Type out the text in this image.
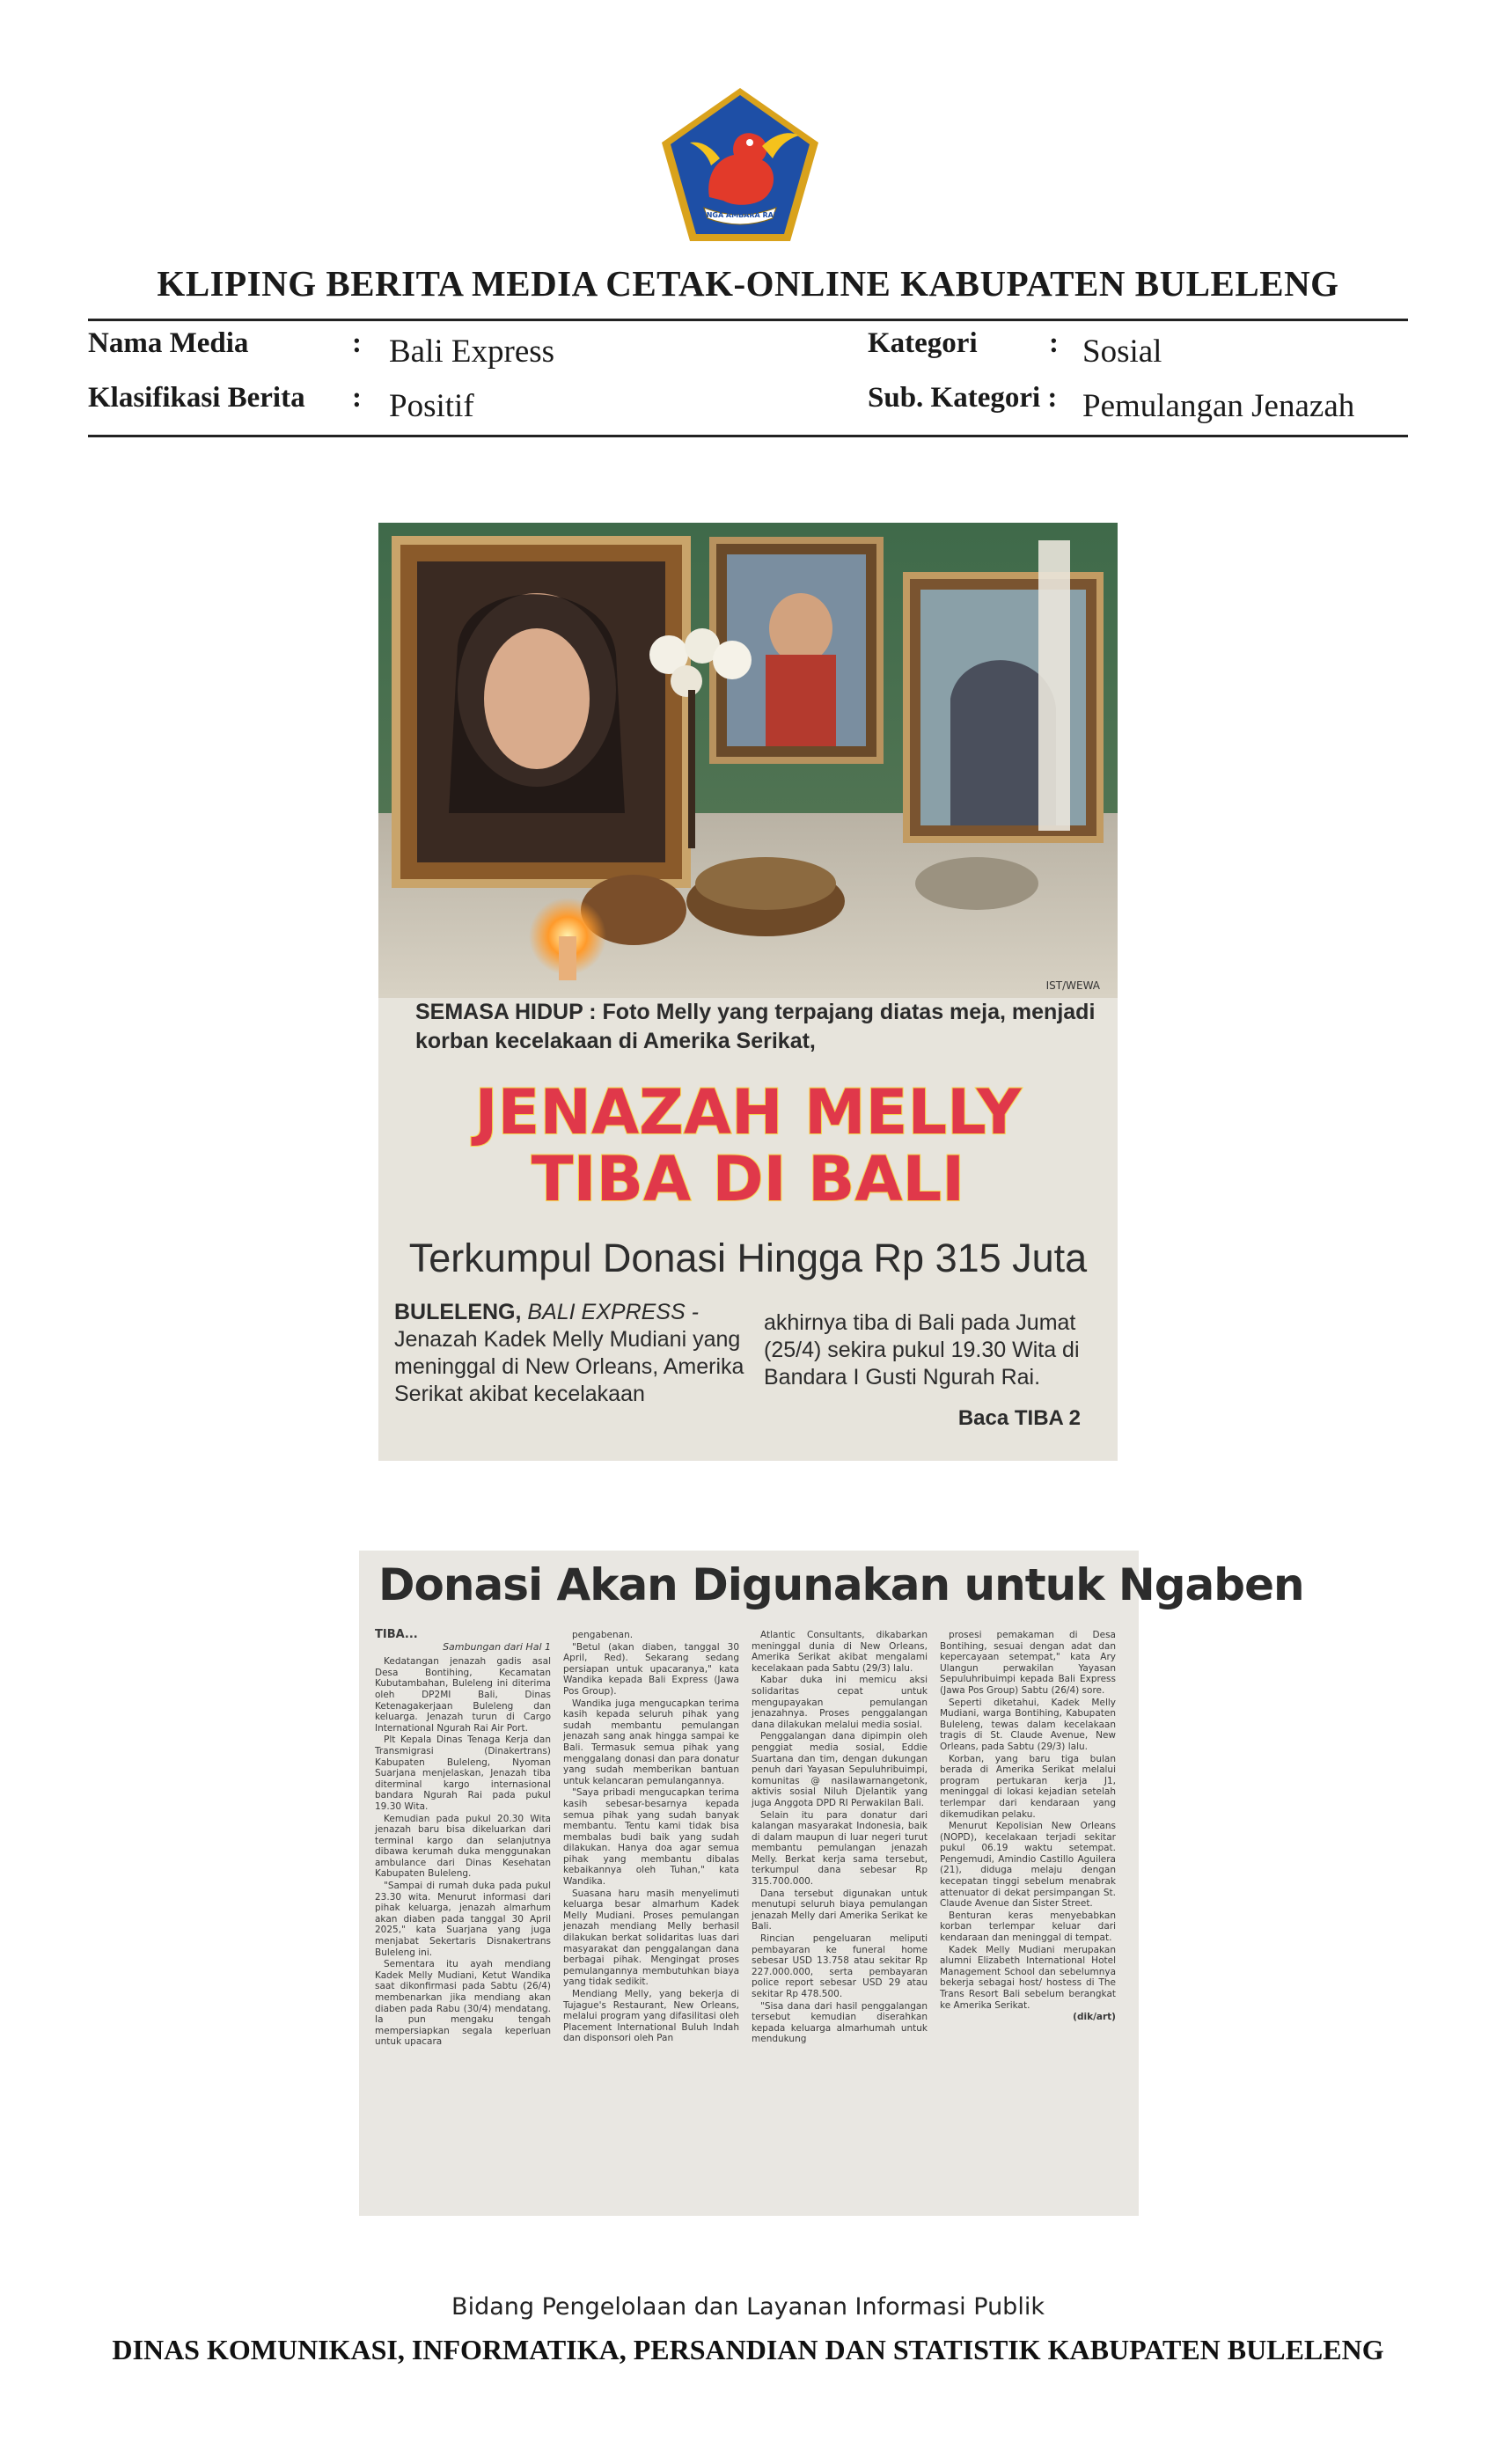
SINGA AMBARA RAJA
KLIPING BERITA MEDIA CETAK-ONLINE KABUPATEN BULELENG
Nama Media	: Bali Express
Klasifikasi Berita : Positif
Kategori : Sosial
Sub. Kategori : Pemulangan Jenazah
IST/WEWA
SEMASA HIDUP : Foto Melly yang terpajang diatas meja, menjadi korban kecelakaan di Amerika Serikat,
JENAZAH MELLY
TIBA DI BALI
Terkumpul Donasi Hingga Rp 315 Juta
BULELENG, BALI EXPRESS - Jenazah Kadek Melly Mudiani yang meninggal di New Orleans, Amerika Serikat akibat kecelakaan
akhirnya tiba di Bali pada Jumat (25/4) sekira pukul 19.30 Wita di Bandara I Gusti Ngurah Rai.
Baca TIBA 2
Donasi Akan Digunakan untuk Ngaben

TIBA...

Sambungan dari Hal 1

Kedatangan jenazah gadis asal Desa Bontihing, Kecamatan Kubutambahan, Buleleng ini diterima oleh DP2MI Bali, Dinas Ketenagakerjaan Buleleng dan keluarga. Jenazah turun di Cargo International Ngurah Rai Air Port.

Plt Kepala Dinas Tenaga Kerja dan Transmigrasi (Dinakertrans) Kabupaten Buleleng, Nyoman Suarjana menjelaskan, Jenazah tiba diterminal kargo internasional bandara Ngurah Rai pada pukul 19.30 Wita.

Kemudian pada pukul 20.30 Wita jenazah baru bisa dikeluarkan dari terminal kargo dan selanjutnya dibawa kerumah duka menggunakan ambulance dari Dinas Kesehatan Kabupaten Buleleng.

"Sampai di rumah duka pada pukul 23.30 wita. Menurut informasi dari pihak keluarga, jenazah almarhum akan diaben pada tanggal 30 April 2025," kata Suarjana yang juga menjabat Sekertaris Disnakertrans Buleleng ini.

Sementara itu ayah mendiang Kadek Melly Mudiani, Ketut Wandika saat dikonfirmasi pada Sabtu (26/4) membenarkan jika mendiang akan diaben pada Rabu (30/4) mendatang. Ia pun mengaku tengah mempersiapkan segala keperluan untuk upacara

pengabenan.

"Betul (akan diaben, tanggal 30 April, Red). Sekarang sedang persiapan untuk upacaranya," kata Wandika kepada Bali Express (Jawa Pos Group).

Wandika juga mengucapkan terima kasih kepada seluruh pihak yang sudah membantu pemulangan jenazah sang anak hingga sampai ke Bali. Termasuk semua pihak yang menggalang donasi dan para donatur yang sudah memberikan bantuan untuk kelancaran pemulangannya.

"Saya pribadi mengucapkan terima kasih sebesar-besarnya kepada semua pihak yang sudah banyak membantu. Tentu kami tidak bisa membalas budi baik yang sudah dilakukan. Hanya doa agar semua pihak yang membantu dibalas kebaikannya oleh Tuhan," kata Wandika.

Suasana haru masih menyelimuti keluarga besar almarhum Kadek Melly Mudiani. Proses pemulangan jenazah mendiang Melly berhasil dilakukan berkat solidaritas luas dari masyarakat dan penggalangan dana berbagai pihak. Mengingat proses pemulangannya membutuhkan biaya yang tidak sedikit.

Mendiang Melly, yang bekerja di Tujague's Restaurant, New Orleans, melalui program yang difasilitasi oleh Placement International Buluh Indah dan disponsori oleh Pan

Atlantic Consultants, dikabarkan meninggal dunia di New Orleans, Amerika Serikat akibat mengalami kecelakaan pada Sabtu (29/3) lalu.

Kabar duka ini memicu aksi solidaritas cepat untuk mengupayakan pemulangan jenazahnya. Proses penggalangan dana dilakukan melalui media sosial.

Penggalangan dana dipimpin oleh penggiat media sosial, Eddie Suartana dan tim, dengan dukungan penuh dari Yayasan Sepuluhribuimpi, komunitas @ nasilawarnangetonk, aktivis sosial Niluh Djelantik yang juga Anggota DPD RI Perwakilan Bali.

Selain itu para donatur dari kalangan masyarakat Indonesia, baik di dalam maupun di luar negeri turut membantu pemulangan jenazah Melly. Berkat kerja sama tersebut, terkumpul dana sebesar Rp 315.700.000.

Dana tersebut digunakan untuk menutupi seluruh biaya pemulangan jenazah Melly dari Amerika Serikat ke Bali.

Rincian pengeluaran meliputi pembayaran ke funeral home sebesar USD 13.758 atau sekitar Rp 227.000.000, serta pembayaran police report sebesar USD 29 atau sekitar Rp 478.500.

"Sisa dana dari hasil penggalangan tersebut kemudian diserahkan kepada keluarga almarhumah untuk mendukung

prosesi pemakaman di Desa Bontihing, sesuai dengan adat dan kepercayaan setempat," kata Ary Ulangun perwakilan Yayasan Sepuluhribuimpi kepada Bali Express (Jawa Pos Group) Sabtu (26/4) sore.

Seperti diketahui, Kadek Melly Mudiani, warga Bontihing, Kabupaten Buleleng, tewas dalam kecelakaan tragis di St. Claude Avenue, New Orleans, pada Sabtu (29/3) lalu.

Korban, yang baru tiga bulan berada di Amerika Serikat melalui program pertukaran kerja J1, meninggal di lokasi kejadian setelah terlempar dari kendaraan yang dikemudikan pelaku.

Menurut Kepolisian New Orleans (NOPD), kecelakaan terjadi sekitar pukul 06.19 waktu setempat. Pengemudi, Amindio Castillo Aguilera (21), diduga melaju dengan kecepatan tinggi sebelum menabrak attenuator di dekat persimpangan St. Claude Avenue dan Sister Street.

Benturan keras menyebabkan korban terlempar keluar dari kendaraan dan meninggal di tempat.

Kadek Melly Mudiani merupakan alumni Elizabeth International Hotel Management School dan sebelumnya bekerja sebagai host/ hostess di The Trans Resort Bali sebelum berangkat ke Amerika Serikat.

(dik/art)

Bidang Pengelolaan dan Layanan Informasi Publik
DINAS KOMUNIKASI, INFORMATIKA, PERSANDIAN DAN STATISTIK KABUPATEN BULELENG
